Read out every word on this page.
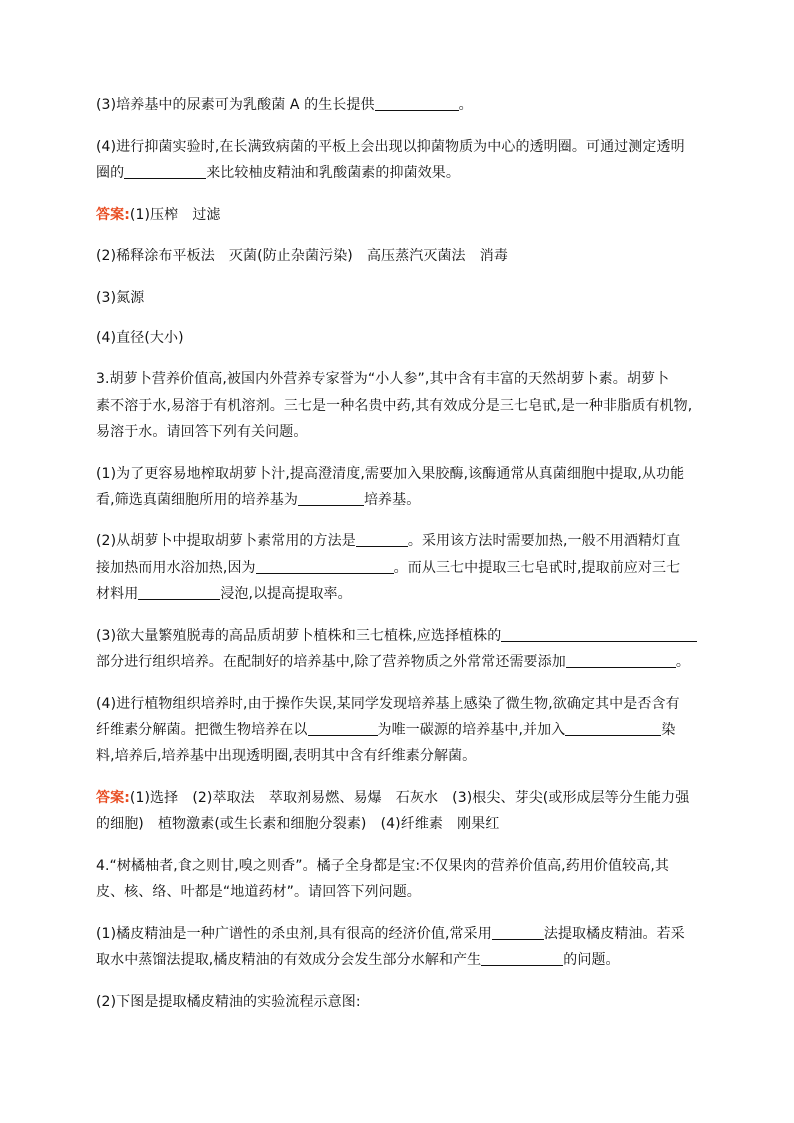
(3)培养基中的尿素可为乳酸菌 A 的生长提供	。
(4)进行抑菌实验时,在长满致病菌的平板上会出现以抑菌物质为中心的透明圈。可通过测定透明
圈的	来比较柚皮精油和乳酸菌素的抑菌效果。
答案:(1)压榨　过滤
(2)稀释涂布平板法　灭菌(防止杂菌污染)　高压蒸汽灭菌法　消毒
(3)氮源
(4)直径(大小)
3.胡萝卜营养价值高,被国内外营养专家誉为“小人参”,其中含有丰富的天然胡萝卜素。胡萝卜
素不溶于水,易溶于有机溶剂。三七是一种名贵中药,其有效成分是三七皂甙,是一种非脂质有机物,
易溶于水。请回答下列有关问题。
(1)为了更容易地榨取胡萝卜汁,提高澄清度,需要加入果胶酶,该酶通常从真菌细胞中提取,从功能
看,筛选真菌细胞所用的培养基为	培养基。
(2)从胡萝卜中提取胡萝卜素常用的方法是	。采用该方法时需要加热,一般不用酒精灯直
接加热而用水浴加热,因为	。而从三七中提取三七皂甙时,提取前应对三七
材料用	浸泡,以提高提取率。
(3)欲大量繁殖脱毒的高品质胡萝卜植株和三七植株,应选择植株的
部分进行组织培养。在配制好的培养基中,除了营养物质之外常常还需要添加	。
(4)进行植物组织培养时,由于操作失误,某同学发现培养基上感染了微生物,欲确定其中是否含有
纤维素分解菌。把微生物培养在以	为唯一碳源的培养基中,并加入	染
料,培养后,培养基中出现透明圈,表明其中含有纤维素分解菌。
答案:(1)选择　(2)萃取法　萃取剂易燃、易爆　石灰水　(3)根尖、芽尖(或形成层等分生能力强
的细胞)　植物激素(或生长素和细胞分裂素)　(4)纤维素　刚果红
4.“树橘柚者,食之则甘,嗅之则香”。橘子全身都是宝:不仅果肉的营养价值高,药用价值较高,其
皮、核、络、叶都是“地道药材”。请回答下列问题。
(1)橘皮精油是一种广谱性的杀虫剂,具有很高的经济价值,常采用	法提取橘皮精油。若采
取水中蒸馏法提取,橘皮精油的有效成分会发生部分水解和产生	的问题。
(2)下图是提取橘皮精油的实验流程示意图:
